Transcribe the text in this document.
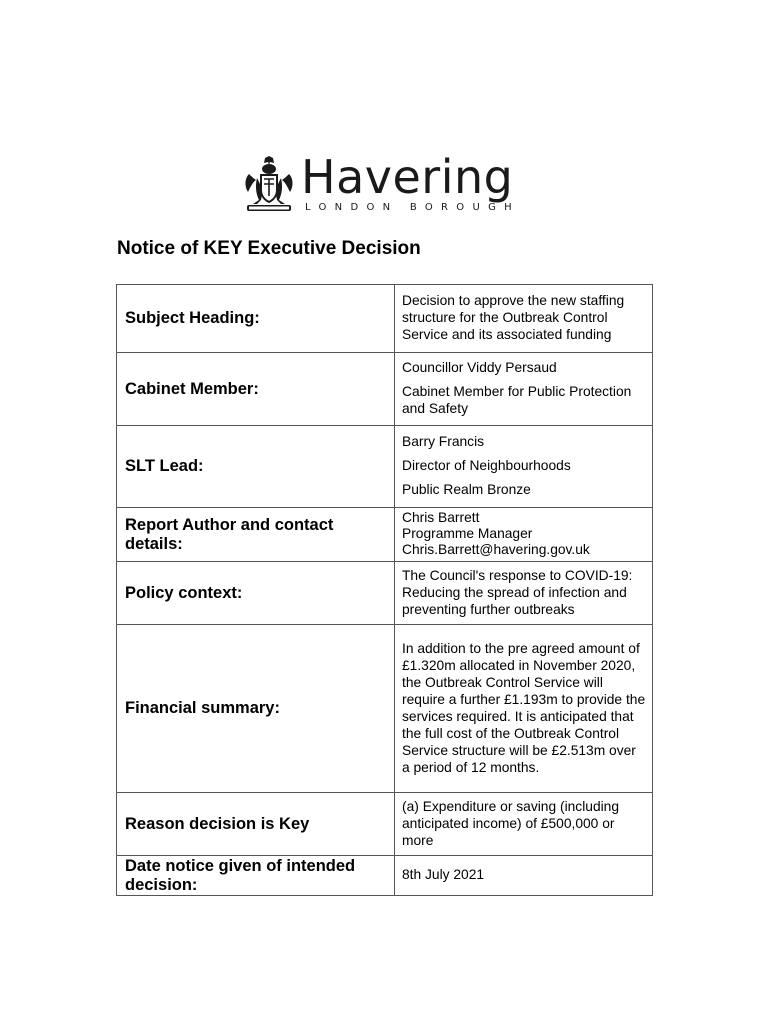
Havering
LONDON BOROUGH
Notice of KEY Executive Decision
Subject Heading:	Decision to approve the new staffing structure for the Outbreak Control Service and its associated funding

Cabinet Member:	Councillor Viddy Persaud

Cabinet Member for Public Protection and Safety

SLT Lead:	Barry Francis

Director of Neighbourhoods

Public Realm Bronze

Report Author and contact details:	Chris Barrett
Programme Manager
Chris.Barrett@havering.gov.uk

Policy context:	The Council's response to COVID-19: Reducing the spread of infection and preventing further outbreaks

Financial summary:	In addition to the pre agreed amount of £1.320m allocated in November 2020, the Outbreak Control Service will require a further £1.193m to provide the services required. It is anticipated that the full cost of the Outbreak Control Service structure will be £2.513m over a period of 12 months.

Reason decision is Key	(a) Expenditure or saving (including anticipated income) of £500,000 or more

Date notice given of intended decision:	8th July 2021
